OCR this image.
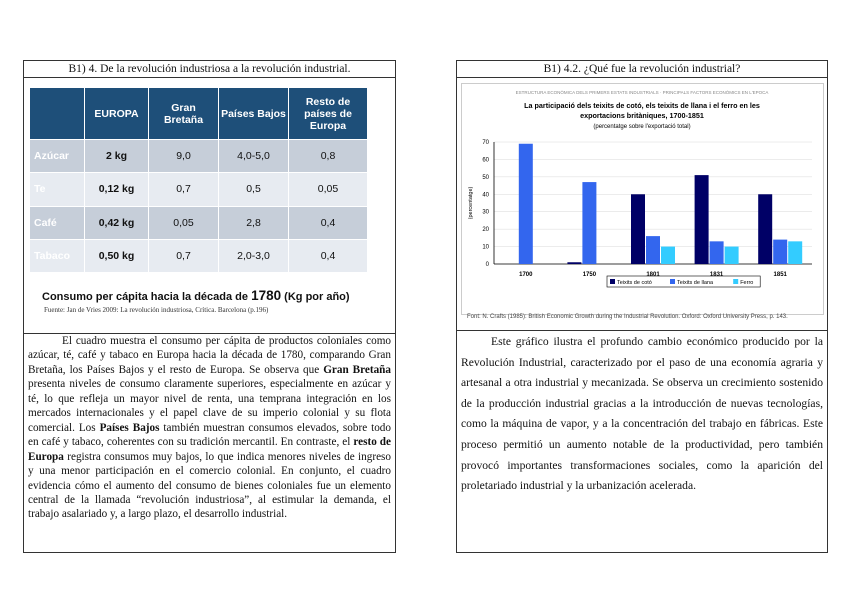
B1) 4. De la revolución industriosa a la revolución industrial.
	EUROPA	Gran Bretaña	Países Bajos	Resto de países de Europa
Azúcar	2 kg	9,0	4,0-5,0	0,8
Te	0,12 kg	0,7	0,5	0,05
Café	0,42 kg	0,05	2,8	0,4
Tabaco	0,50 kg	0,7	2,0-3,0	0,4
Consumo per cápita hacia la década de 1780 (Kg por año)
Fuente: Jan de Vries 2009: La revolución industriosa, Crítica. Barcelona (p.196)
El cuadro muestra el consumo per cápita de productos coloniales como azúcar, té, café y tabaco en Europa hacia la década de 1780, comparando Gran Bretaña, los Países Bajos y el resto de Europa. Se observa que Gran Bretaña presenta niveles de consumo claramente superiores, especialmente en azúcar y té, lo que refleja un mayor nivel de renta, una temprana integración en los mercados internacionales y el papel clave de su imperio colonial y su flota comercial. Los Países Bajos también muestran consumos elevados, sobre todo en café y tabaco, coherentes con su tradición mercantil. En contraste, el resto de Europa registra consumos muy bajos, lo que indica menores niveles de ingreso y una menor participación en el comercio colonial. En conjunto, el cuadro evidencia cómo el aumento del consumo de bienes coloniales fue un elemento central de la llamada “revolución industriosa”, al estimular la demanda, el trabajo asalariado y, a largo plazo, el desarrollo industrial.
B1) 4.2. ¿Qué fue la revolución industrial?
ESTRUCTURA ECONÒMICA DELS PRIMERS ESTATS INDUSTRIALS · PRINCIPALS FACTORS ECONÒMICS EN L'EPOCA
La participació dels teixits de cotó, els teixits de llana i el ferro en les
exportacions britàniques, 1700-1851
(percentatge sobre l'exportació total)
0
10
20
30
40
50
60
70
(percentatge)
1700	1750	1801	1831	1851
Teixits de cotó	Teixits de llana	Ferro
Font: N. Crafts (1985): British Economic Growth during the Industrial Revolution. Oxford: Oxford University Press, p. 143.
Este gráfico ilustra el profundo cambio económico producido por la Revolución Industrial, caracterizado por el paso de una economía agraria y artesanal a otra industrial y mecanizada. Se observa un crecimiento sostenido de la producción industrial gracias a la introducción de nuevas tecnologías, como la máquina de vapor, y a la concentración del trabajo en fábricas. Este proceso permitió un aumento notable de la productividad, pero también provocó importantes transformaciones sociales, como la aparición del proletariado industrial y la urbanización acelerada.
